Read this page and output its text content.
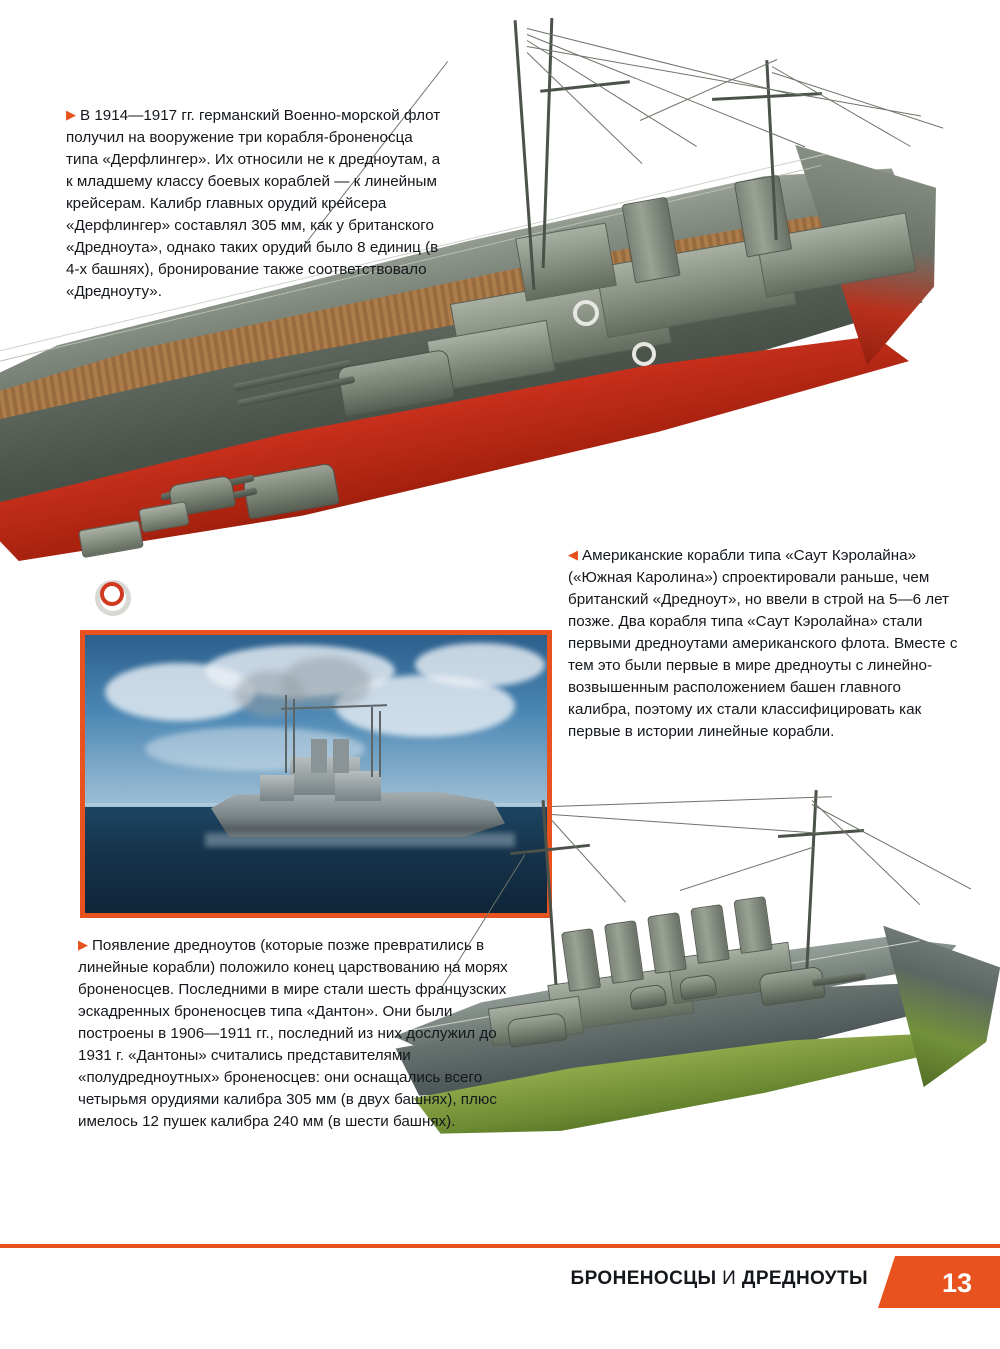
▶ В 1914—1917 гг. германский Военно-морской флот получил на вооружение три корабля-броненосца типа «Дерфлингер». Их относили не к дредноутам, а к младшему классу боевых кораблей — к линейным крейсерам. Калибр главных орудий крейсера «Дерфлингер» составлял 305 мм, как у британского «Дредноута», однако таких орудий было 8 единиц (в 4-х башнях), бронирование также соответствовало «Дредноуту».

◀ Американские корабли типа «Саут Кэролайна» («Южная Каролина») спроектировали раньше, чем британский «Дредноут», но ввели в строй на 5—6 лет позже. Два корабля типа «Саут Кэролайна» стали первыми дредноутами американского флота. Вместе с тем это были первые в мире дредноуты с линейно-возвышенным расположением башен главного калибра, поэтому их стали классифицировать как первые в истории линейные корабли.

▶ Появление дредноутов (которые позже превратились в линейные корабли) положило конец царствованию на морях броненосцев. Последними в мире стали шесть французских эскадренных броненосцев типа «Дантон». Они были построены в 1906—1911 гг., последний из них дослужил до 1931 г. «Дантоны» считались представителями «полудредноутных» броненосцев: они оснащались всего четырьмя орудиями калибра 305 мм (в двух башнях), плюс имелось 12 пушек калибра 240 мм (в шести башнях).

БРОНЕНОСЦЫ И ДРЕДНОУТЫ	13
